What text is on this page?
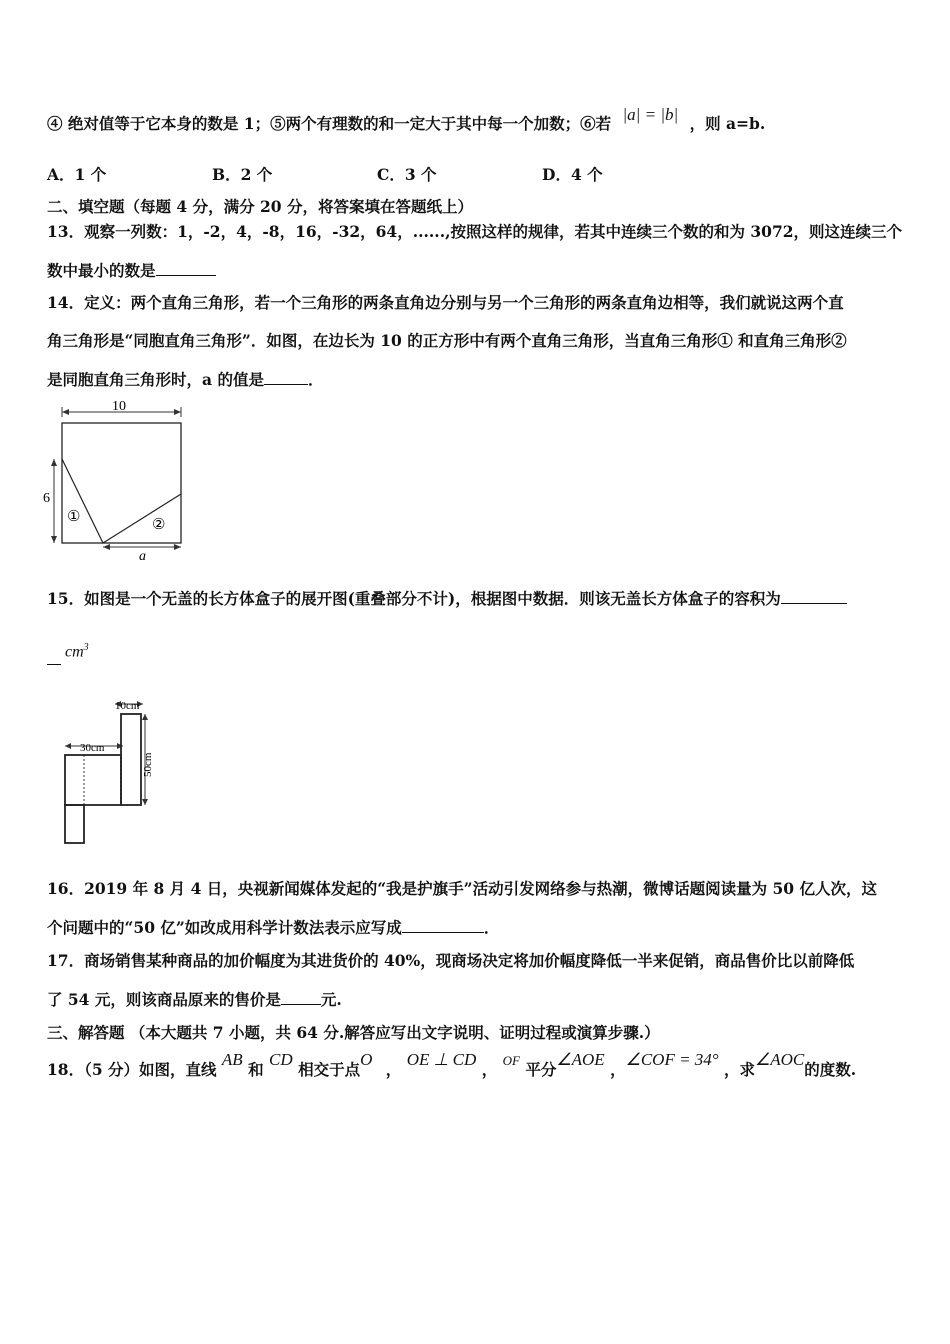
④ 绝对值等于它本身的数是 1；⑤两个有理数的和一定大于其中每一个加数；⑥若 |a| = |b| ，则 a=b.
A．1 个	B．2 个	C．3 个	D．4 个
二、填空题（每题 4 分，满分 20 分，将答案填在答题纸上）
13．观察一列数：1，-2，4，-8，16，-32，64，......,按照这样的规律，若其中连续三个数的和为 3072，则这连续三个
数中最小的数是
14．定义：两个直角三角形，若一个三角形的两条直角边分别与另一个三角形的两条直角边相等，我们就说这两个直
角三角形是“同胞直角三角形”．如图，在边长为 10 的正方形中有两个直角三角形，当直角三角形① 和直角三角形②
是同胞直角三角形时，a 的值是	．
10
6
a
①	②
15．如图是一个无盖的长方体盒子的展开图(重叠部分不计)，根据图中数据．则该无盖长方体盒子的容积为
$cm^3$
10cm
30cm
50cm
16．2019 年 8 月 4 日，央视新闻媒体发起的“我是护旗手”活动引发网络参与热潮，微博话题阅读量为 50 亿人次，这
个问题中的“50 亿”如改成用科学计数法表示应写成	．
17．商场销售某种商品的加价幅度为其进货价的 40%，现商场决定将加价幅度降低一半来促销，商品售价比以前降低
了 54 元，则该商品原来的售价是	元.
三、解答题 （本大题共 7 小题，共 64 分.解答应写出文字说明、证明过程或演算步骤.）
18．（5 分）如图，直线 AB 和 CD 相交于点O ， OE ⊥ CD ， $^{OF}$ 平分∠AOE ，∠COF = 34° ，求∠AOC的度数.
